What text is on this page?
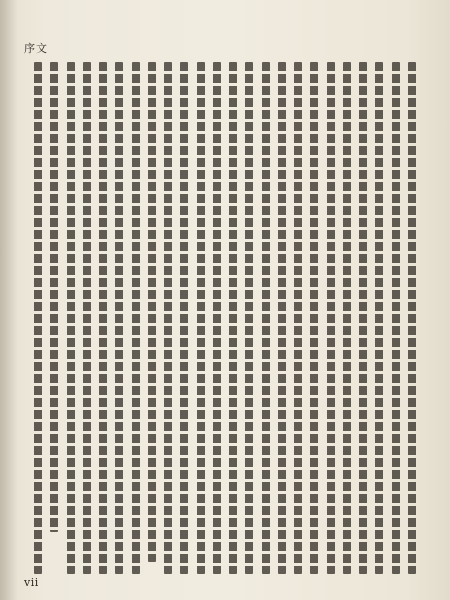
序文
vii
